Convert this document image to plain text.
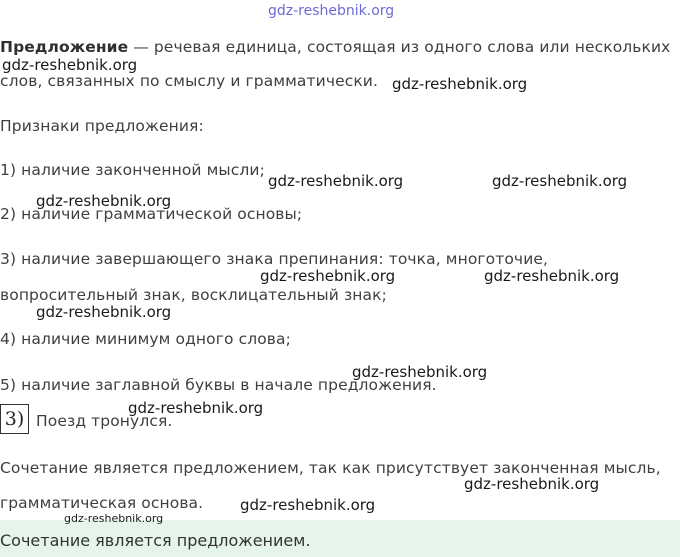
gdz-reshebnik.org
Предложение — речевая единица, состоящая из одного слова или нескольких
gdz-reshebnik.org
слов, связанных по смыслу и грамматически. gdz-reshebnik.org
Признаки предложения:
1) наличие законченной мысли;
gdz-reshebnik.org	gdz-reshebnik.org
gdz-reshebnik.org
2) наличие грамматической основы;
3) наличие завершающего знака препинания: точка, многоточие,
gdz-reshebnik.org	gdz-reshebnik.org
вопросительный знак, восклицательный знак;
gdz-reshebnik.org
4) наличие минимум одного слова;
gdz-reshebnik.org
5) наличие заглавной буквы в начале предложения.
3)	gdz-reshebnik.org
Поезд тронулся.
Сочетание является предложением, так как присутствует законченная мысль,
gdz-reshebnik.org
грамматическая основа. gdz-reshebnik.org
gdz-reshebnik.org
Сочетание является предложением.
